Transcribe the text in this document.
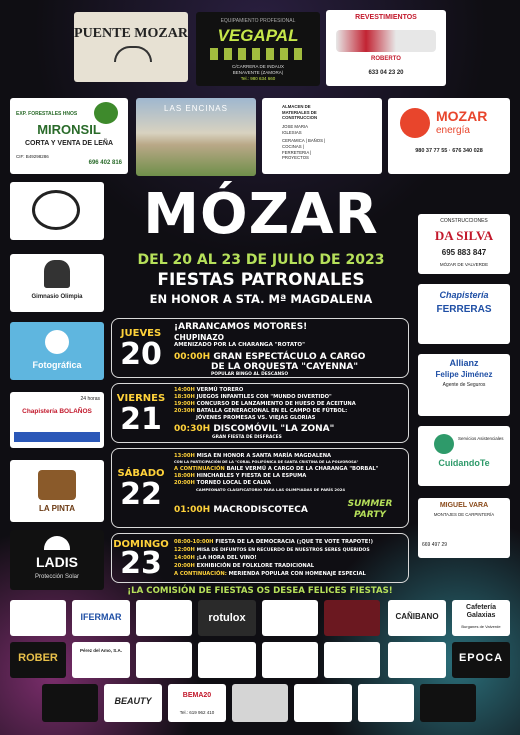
PUENTE MOZAR
EQUIPAMIENTO PROFESIONAL
VEGAPAL
C/CARRERA DE INDAUX
BENAVENTE (ZAMORA)
Tel.: 980 634 660
REVESTIMIENTOS
ROBERTO
633 04 23 20
EXP. FORESTALES HNOS
MIRONSIL
CORTA Y VENTA DE LEÑA
CIF: B49298286
696 402 816
LAS ENCINAS	ALMACEN DE MATERIALES DE CONSTRUCCION
JOSE MARIA IGLESIAS
CERAMICA | BAÑOS | COCINAS | FERRETERIA | PROYECTOS
MOZAR
energía
980 37 77 55 · 676 340 028
Gimnasio Olimpia
Fotográfica
24 horas
Chapistería BOLAÑOS
LA PINTA
LADIS
Protección Solar
CONSTRUCCIONES
DA SILVA
695 883 847
MÓZAR DE VALVERDE
Chapistería
FERRERAS
Allianz
Felipe Jiménez
Agente de Seguros
Servicios Asistenciales
CuidandoTe
MIGUEL VARA
MONTAJES DE CARPINTERÍA
669 497 29
MÓZAR
DEL 20 AL 23 DE JULIO DE 2023
FIESTAS PATRONALES
EN HONOR A STA. Mª MAGDALENA
JUEVES
20
¡ARRANCAMOS MOTORES!
CHUPINAZO
AMENIZADO POR LA CHARANGA "ROTATO"
00:00H GRAN ESPECTÁCULO A CARGO
DE LA ORQUESTA "CAYENNA"
POPULAR BINGO AL DESCANSO
VIERNES
21
14:00H VERMÚ TORERO
18:30H JUEGOS INFANTILES CON "MUNDO DIVERTIDO"
19:00H CONCURSO DE LANZAMIENTO DE HUESO DE ACEITUNA
20:30H BATALLA GENERACIONAL EN EL CAMPO DE FÚTBOL:
JÓVENES PROMESAS VS. VIEJAS GLORIAS
00:30H DISCOMÓVIL "LA ZONA"
GRAN FIESTA DE DISFRACES
SÁBADO
22
13:00H MISA EN HONOR A SANTA MARÍA MAGDALENA
CON LA PARTICIPACIÓN DE LA "CORAL POLIFÓNICA DE SANTA CRISTINA DE LA POLVOROSA"
A CONTINUACIÓN BAILE VERMÚ A CARGO DE LA CHARANGA "BORBAL"
18:00H HINCHABLES Y FIESTA DE LA ESPUMA
20:00H TORNEO LOCAL DE CALVA
CAMPEONATO CLASIFICATORIO PARA LAS OLIMPIADAS DE PARÍS 2024
01:00H MACRODISCOTECA
SUMMER PARTY
DOMINGO
23
08:00-10:00H FIESTA DE LA DEMOCRACIA (¡QUE TE VOTE TRAPOTE!)
12:00H MISA DE DIFUNTOS EN RECUERDO DE NUESTROS SERES QUERIDOS
14:00H ¡LA HORA DEL VINO!
20:00H EXHIBICIÓN DE FOLKLORE TRADICIONAL
A CONTINUACIÓN: MERIENDA POPULAR CON HOMENAJE ESPECIAL
¡LA COMISIÓN DE FIESTAS OS DESEA FELICES FIESTAS!
IFERMAR	rotulox	CAÑIBANO
Cafetería Galaxias
Burganes de Valverde
ROBER
Pérez del Amo, S.A.
EPOCA
BEAUTY
BEMA20
Tel.: 619 962 410
